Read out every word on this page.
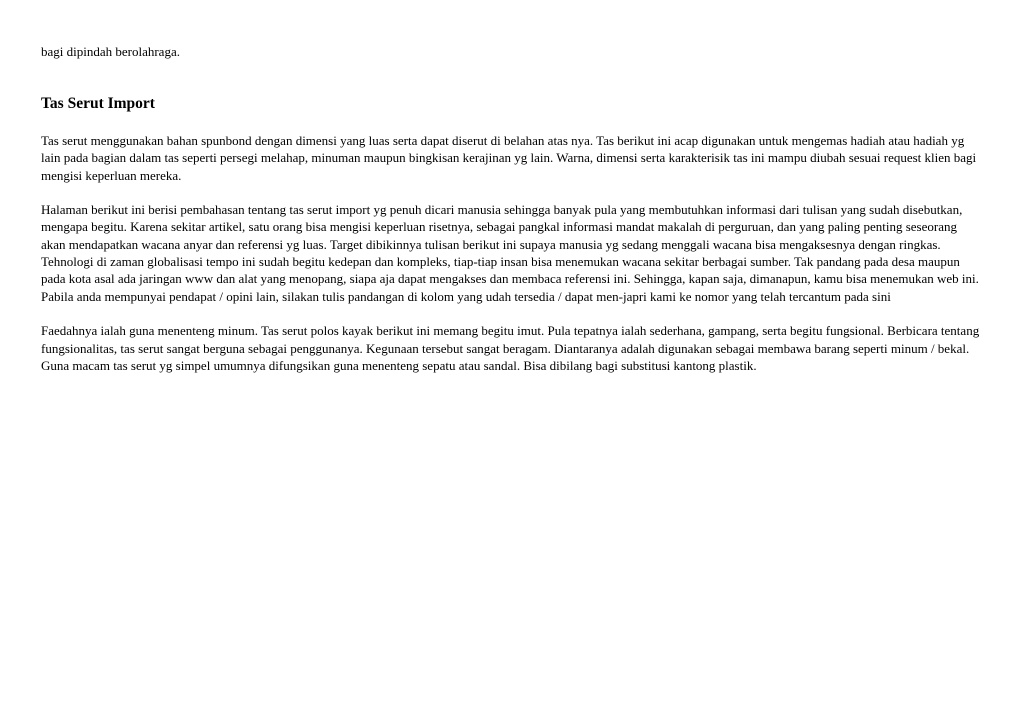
bagi dipindah berolahraga.

Tas Serut Import

Tas serut menggunakan bahan spunbond dengan dimensi yang luas serta dapat diserut di belahan atas nya. Tas berikut ini acap digunakan untuk mengemas hadiah atau hadiah yg lain pada bagian dalam tas seperti persegi melahap, minuman maupun bingkisan kerajinan yg lain. Warna, dimensi serta karakterisik tas ini mampu diubah sesuai request klien bagi mengisi keperluan mereka.

Halaman berikut ini berisi pembahasan tentang tas serut import yg penuh dicari manusia sehingga banyak pula yang membutuhkan informasi dari tulisan yang sudah disebutkan, mengapa begitu. Karena sekitar artikel, satu orang bisa mengisi keperluan risetnya, sebagai pangkal informasi mandat makalah di perguruan, dan yang paling penting seseorang akan mendapatkan wacana anyar dan referensi yg luas. Target dibikinnya tulisan berikut ini supaya manusia yg sedang menggali wacana bisa mengaksesnya dengan ringkas. Tehnologi di zaman globalisasi tempo ini sudah begitu kedepan dan kompleks, tiap-tiap insan bisa menemukan wacana sekitar berbagai sumber. Tak pandang pada desa maupun pada kota asal ada jaringan www dan alat yang menopang, siapa aja dapat mengakses dan membaca referensi ini. Sehingga, kapan saja, dimanapun, kamu bisa menemukan web ini. Pabila anda mempunyai pendapat / opini lain, silakan tulis pandangan di kolom yang udah tersedia / dapat men-japri kami ke nomor yang telah tercantum pada sini

Faedahnya ialah guna menenteng minum. Tas serut polos kayak berikut ini memang begitu imut. Pula tepatnya ialah sederhana, gampang, serta begitu fungsional. Berbicara tentang fungsionalitas, tas serut sangat berguna sebagai penggunanya. Kegunaan tersebut sangat beragam. Diantaranya adalah digunakan sebagai membawa barang seperti minum / bekal. Guna macam tas serut yg simpel umumnya difungsikan guna menenteng sepatu atau sandal. Bisa dibilang bagi substitusi kantong plastik.
